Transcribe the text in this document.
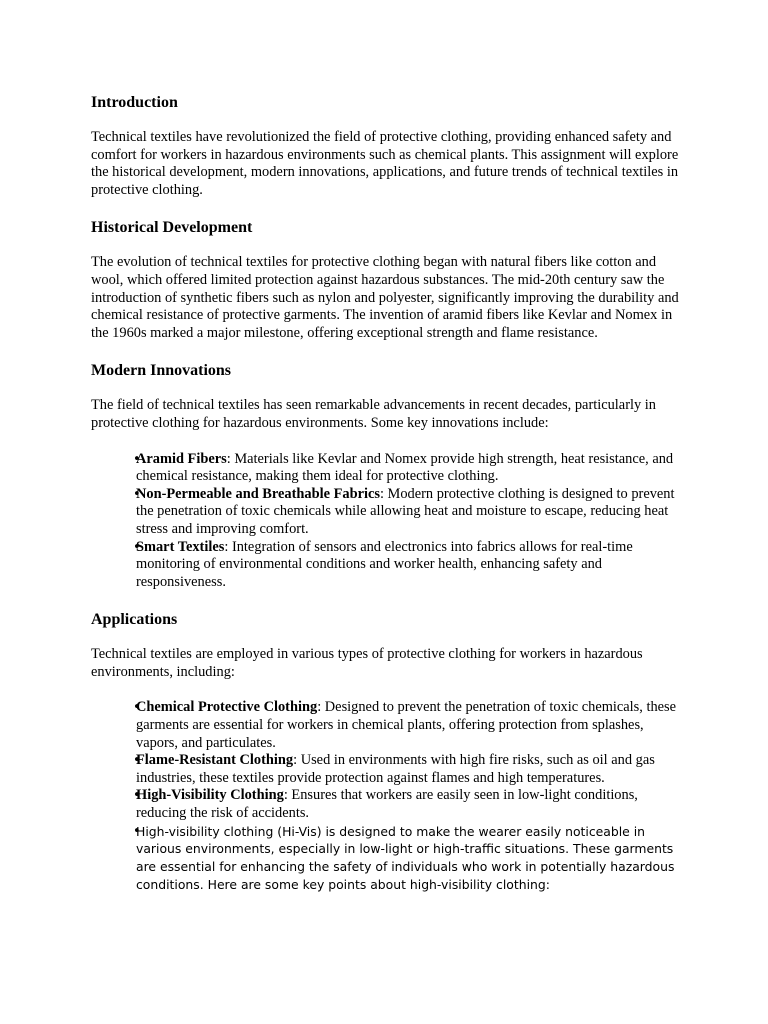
Introduction

Technical textiles have revolutionized the field of protective clothing, providing enhanced safety and comfort for workers in hazardous environments such as chemical plants. This assignment will explore the historical development, modern innovations, applications, and future trends of technical textiles in protective clothing.

Historical Development

The evolution of technical textiles for protective clothing began with natural fibers like cotton and wool, which offered limited protection against hazardous substances. The mid-20th century saw the introduction of synthetic fibers such as nylon and polyester, significantly improving the durability and chemical resistance of protective garments. The invention of aramid fibers like Kevlar and Nomex in the 1960s marked a major milestone, offering exceptional strength and flame resistance.

Modern Innovations

The field of technical textiles has seen remarkable advancements in recent decades, particularly in protective clothing for hazardous environments. Some key innovations include:

Aramid Fibers: Materials like Kevlar and Nomex provide high strength, heat resistance, and chemical resistance, making them ideal for protective clothing.
Non-Permeable and Breathable Fabrics: Modern protective clothing is designed to prevent the penetration of toxic chemicals while allowing heat and moisture to escape, reducing heat stress and improving comfort.
Smart Textiles: Integration of sensors and electronics into fabrics allows for real-time monitoring of environmental conditions and worker health, enhancing safety and responsiveness.
Applications

Technical textiles are employed in various types of protective clothing for workers in hazardous environments, including:

Chemical Protective Clothing: Designed to prevent the penetration of toxic chemicals, these garments are essential for workers in chemical plants, offering protection from splashes, vapors, and particulates.
Flame-Resistant Clothing: Used in environments with high fire risks, such as oil and gas industries, these textiles provide protection against flames and high temperatures.
High-Visibility Clothing: Ensures that workers are easily seen in low-light conditions, reducing the risk of accidents.
High-visibility clothing (Hi-Vis) is designed to make the wearer easily noticeable in various environments, especially in low-light or high-traffic situations. These garments are essential for enhancing the safety of individuals who work in potentially hazardous conditions. Here are some key points about high-visibility clothing:
